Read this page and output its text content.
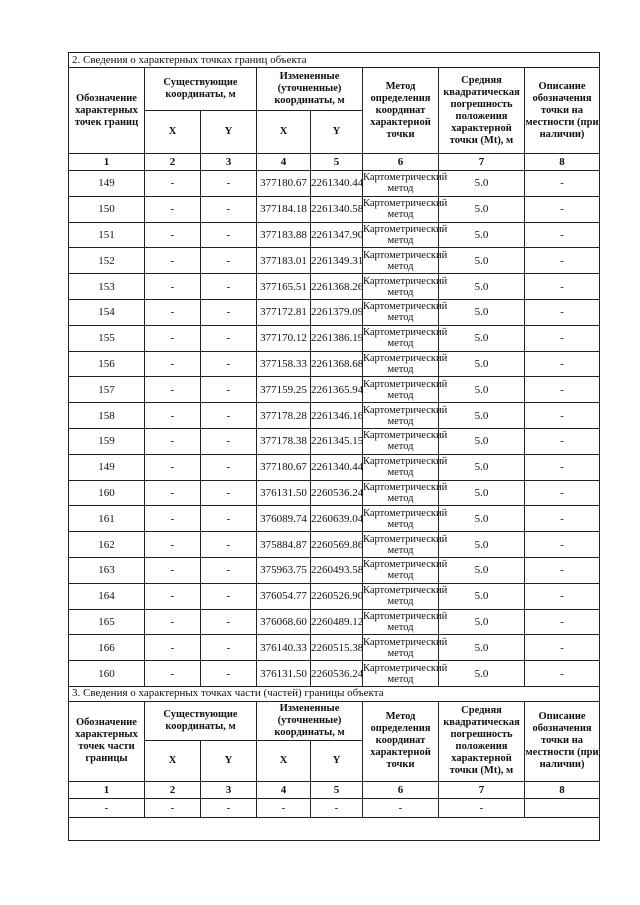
2. Сведения о характерных точках границ объекта							
Обозначение характерных точек границ	Существующие координаты, м		Измененные (уточненные) координаты, м		Метод определения координат характерной точки	Средняя квадратическая погрешность положения характерной точки (Mt), м	Описание обозначения точки на местности (при наличии)
	X	Y	X	Y			
1	2	3	4	5	6	7	8
149	-	-	377180.67	2261340.44	Картометрический метод	5.0	-
150	-	-	377184.18	2261340.58	Картометрический метод	5.0	-
151	-	-	377183.88	2261347.90	Картометрический метод	5.0	-
152	-	-	377183.01	2261349.31	Картометрический метод	5.0	-
153	-	-	377165.51	2261368.26	Картометрический метод	5.0	-
154	-	-	377172.81	2261379.09	Картометрический метод	5.0	-
155	-	-	377170.12	2261386.19	Картометрический метод	5.0	-
156	-	-	377158.33	2261368.68	Картометрический метод	5.0	-
157	-	-	377159.25	2261365.94	Картометрический метод	5.0	-
158	-	-	377178.28	2261346.16	Картометрический метод	5.0	-
159	-	-	377178.38	2261345.15	Картометрический метод	5.0	-
149	-	-	377180.67	2261340.44	Картометрический метод	5.0	-
160	-	-	376131.50	2260536.24	Картометрический метод	5.0	-
161	-	-	376089.74	2260639.04	Картометрический метод	5.0	-
162	-	-	375884.87	2260569.86	Картометрический метод	5.0	-
163	-	-	375963.75	2260493.58	Картометрический метод	5.0	-
164	-	-	376054.77	2260526.90	Картометрический метод	5.0	-
165	-	-	376068.60	2260489.12	Картометрический метод	5.0	-
166	-	-	376140.33	2260515.38	Картометрический метод	5.0	-
160	-	-	376131.50	2260536.24	Картометрический метод	5.0	-
3. Сведения о характерных точках части (частей) границы объекта							
Обозначение характерных точек части границы	Существующие координаты, м		Измененные (уточненные) координаты, м		Метод определения координат характерной точки	Средняя квадратическая погрешность положения характерной точки (Mt), м	Описание обозначения точки на местности (при наличии)
	X	Y	X	Y			
1	2	3	4	5	6	7	8
-	-	-	-	-	-	-	
